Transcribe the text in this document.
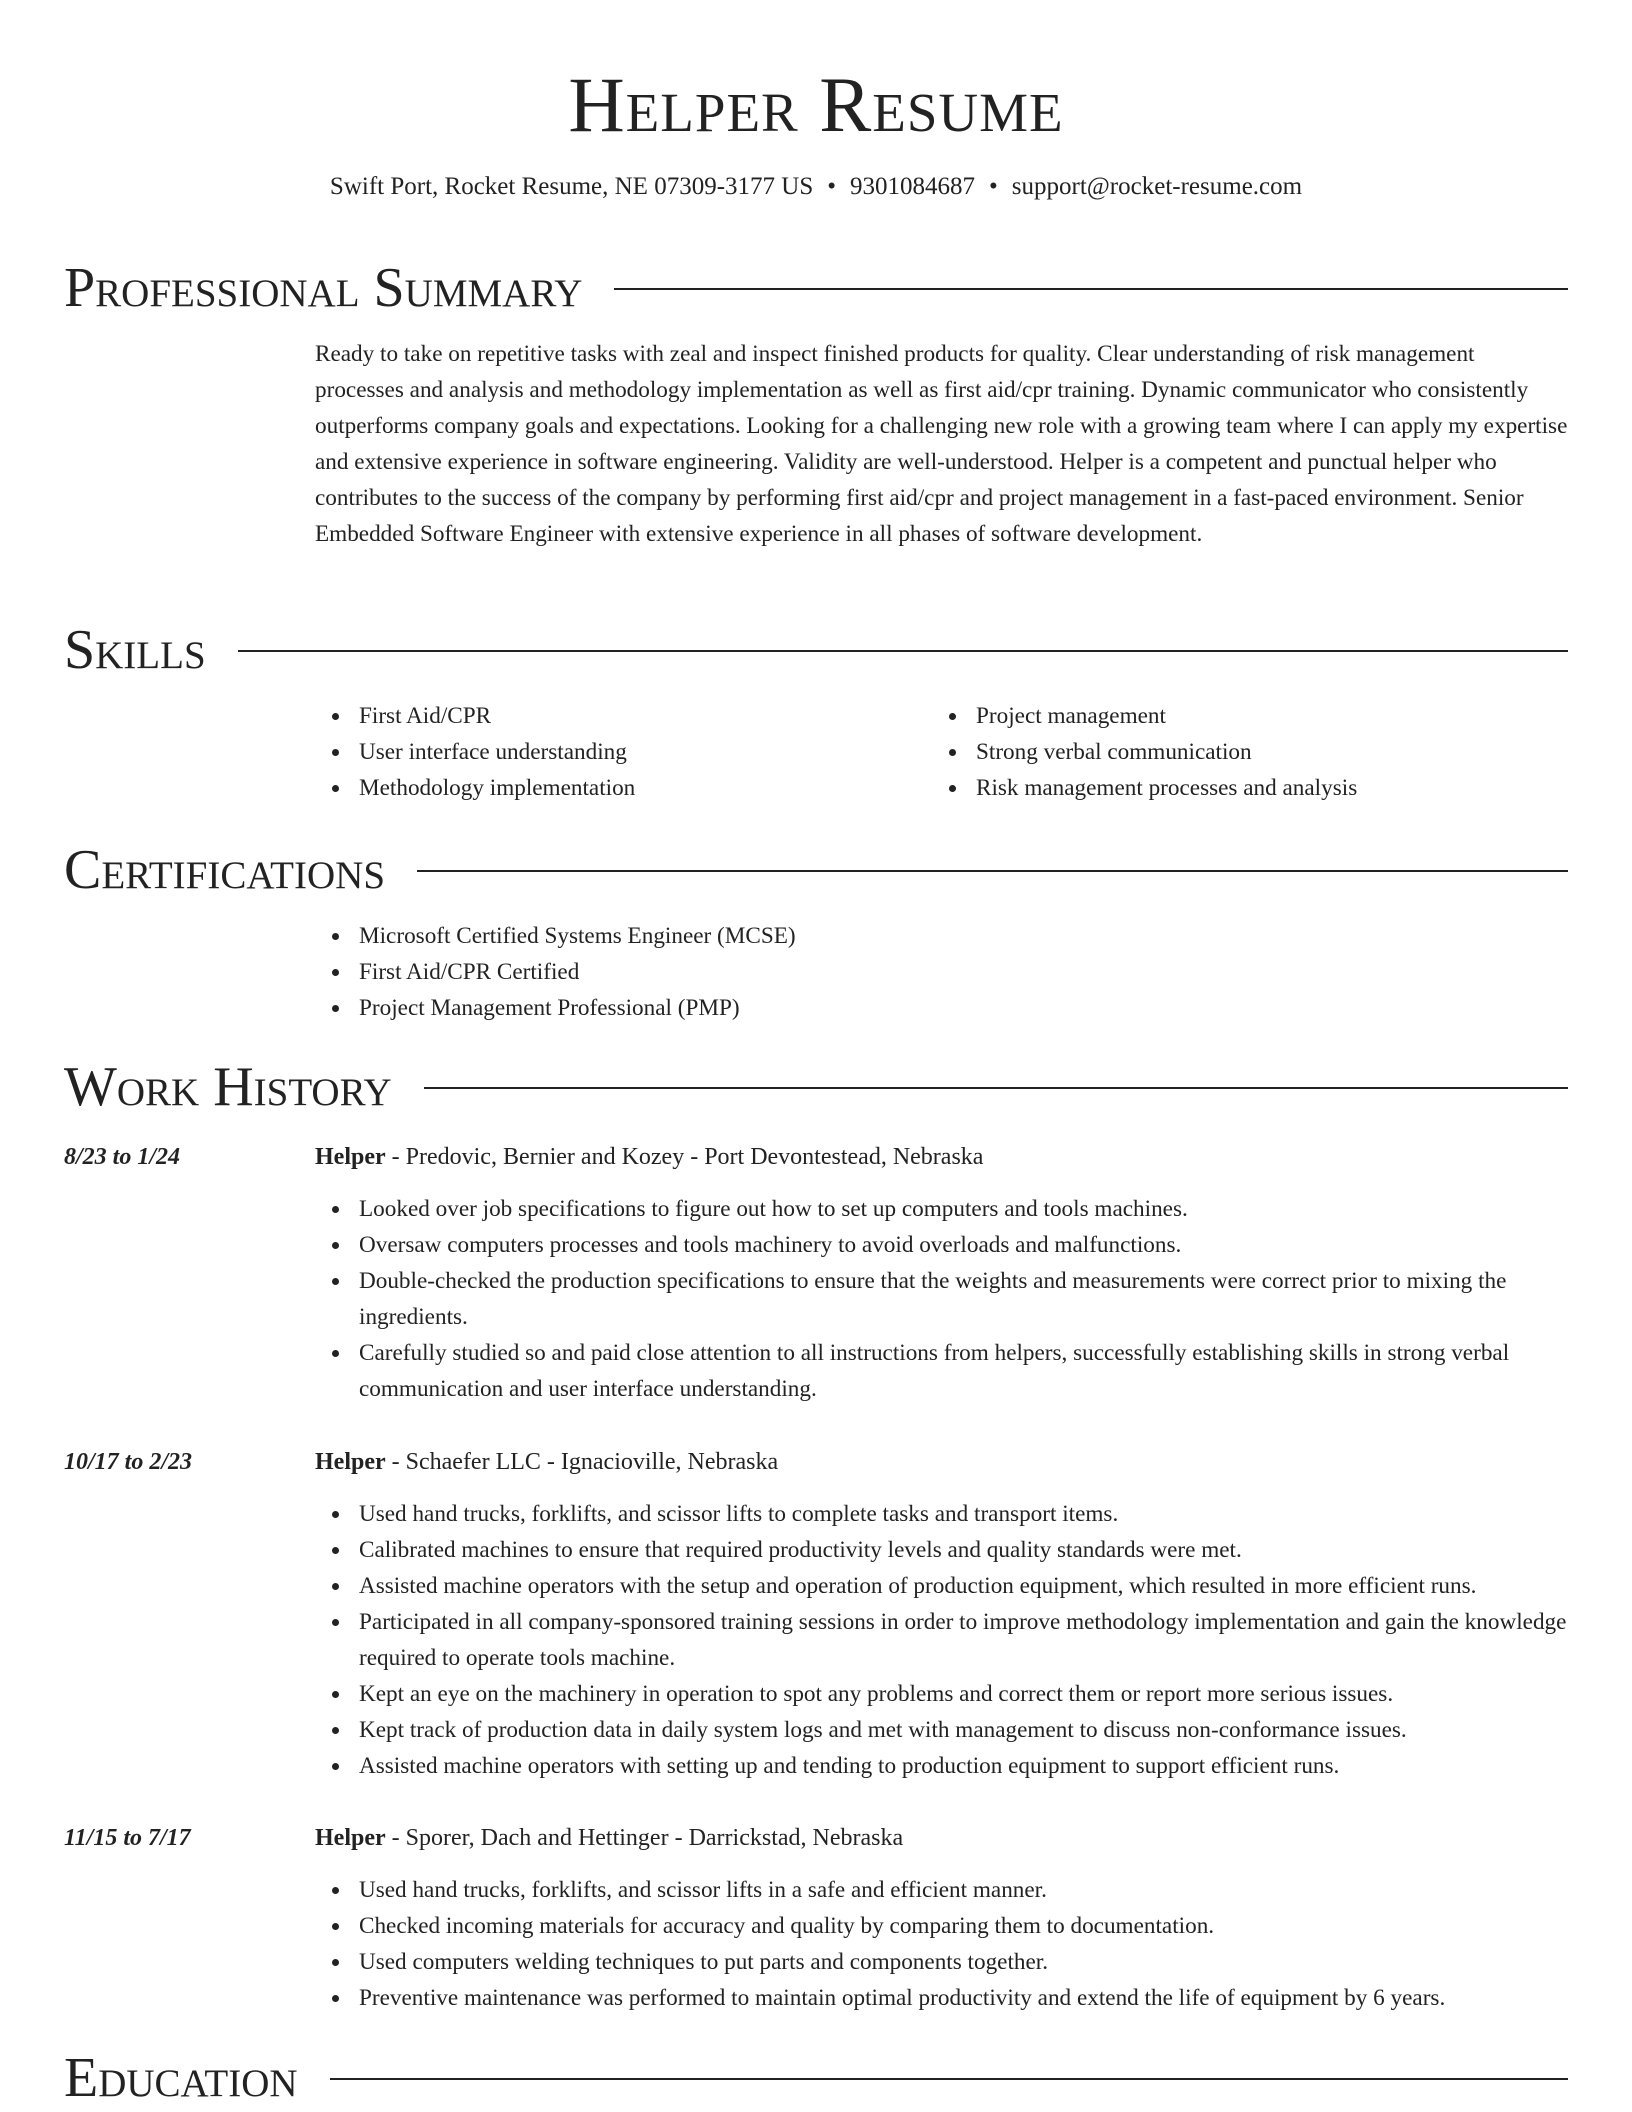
Helper Resume
Swift Port, Rocket Resume, NE 07309-3177 US • 9301084687 • support@rocket-resume.com
Professional Summary

Ready to take on repetitive tasks with zeal and inspect finished products for quality. Clear understanding of risk management processes and analysis and methodology implementation as well as first aid/cpr training. Dynamic communicator who consistently outperforms company goals and expectations. Looking for a challenging new role with a growing team where I can apply my expertise and extensive experience in software engineering. Validity are well-understood. Helper is a competent and punctual helper who contributes to the success of the company by performing first aid/cpr and project management in a fast-paced environment. Senior Embedded Software Engineer with extensive experience in all phases of software development.

Skills
First Aid/CPR
User interface understanding
Methodology implementation
Project management
Strong verbal communication
Risk management processes and analysis
Certifications
Microsoft Certified Systems Engineer (MCSE)
First Aid/CPR Certified
Project Management Professional (PMP)
Work History
8/23 to 1/24	Helper - Predovic, Bernier and Kozey - Port Devontestead, Nebraska
Looked over job specifications to figure out how to set up computers and tools machines.
Oversaw computers processes and tools machinery to avoid overloads and malfunctions.
Double-checked the production specifications to ensure that the weights and measurements were correct prior to mixing the ingredients.
Carefully studied so and paid close attention to all instructions from helpers, successfully establishing skills in strong verbal communication and user interface understanding.
10/17 to 2/23	Helper - Schaefer LLC - Ignacioville, Nebraska
Used hand trucks, forklifts, and scissor lifts to complete tasks and transport items.
Calibrated machines to ensure that required productivity levels and quality standards were met.
Assisted machine operators with the setup and operation of production equipment, which resulted in more efficient runs.
Participated in all company-sponsored training sessions in order to improve methodology implementation and gain the knowledge required to operate tools machine.
Kept an eye on the machinery in operation to spot any problems and correct them or report more serious issues.
Kept track of production data in daily system logs and met with management to discuss non-conformance issues.
Assisted machine operators with setting up and tending to production equipment to support efficient runs.
11/15 to 7/17	Helper - Sporer, Dach and Hettinger - Darrickstad, Nebraska
Used hand trucks, forklifts, and scissor lifts in a safe and efficient manner.
Checked incoming materials for accuracy and quality by comparing them to documentation.
Used computers welding techniques to put parts and components together.
Preventive maintenance was performed to maintain optimal productivity and extend the life of equipment by 6 years.
Education
